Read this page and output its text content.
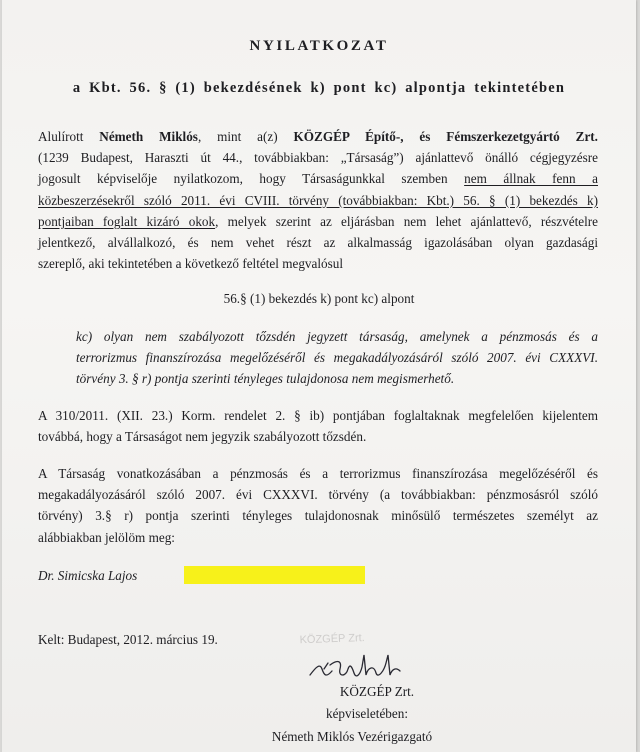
NYILATKOZAT
a Kbt. 56. § (1) bekezdésének k) pont kc) alpontja tekintetében
Alulírott Németh Miklós, mint a(z) KÖZGÉP Építő-, és Fémszerkezetgyártó Zrt.
(1239 Budapest, Haraszti út 44., továbbiakban: „Társaság”) ajánlattevő önálló cégjegyzésre
jogosult képviselője nyilatkozom, hogy Társaságunkkal szemben nem állnak fenn a
közbeszerzésekről szóló 2011. évi CVIII. törvény (továbbiakban: Kbt.) 56. § (1) bekezdés k)
pontjaiban foglalt kizáró okok, melyek szerint az eljárásban nem lehet ajánlattevő, részvételre
jelentkező, alvállalkozó, és nem vehet részt az alkalmasság igazolásában olyan gazdasági
szereplő, aki tekintetében a következő feltétel megvalósul
56.§ (1) bekezdés k) pont kc) alpont
kc) olyan nem szabályozott tőzsdén jegyzett társaság, amelynek a pénzmosás és a
terrorizmus finanszírozása megelőzéséről és megakadályozásáról szóló 2007. évi CXXXVI.
törvény 3. § r) pontja szerinti tényleges tulajdonosa nem megismerhető.
A 310/2011. (XII. 23.) Korm. rendelet 2. § ib) pontjában foglaltaknak megfelelően kijelentem
továbbá, hogy a Társaságot nem jegyzik szabályozott tőzsdén.
A Társaság vonatkozásában a pénzmosás és a terrorizmus finanszírozása megelőzéséről és
megakadályozásáról szóló 2007. évi CXXXVI. törvény (a továbbiakban: pénzmosásról szóló
törvény) 3.§ r) pontja szerinti tényleges tulajdonosnak minősülő természetes személyt az
alábbiakban jelölöm meg:
Dr. Simicska Lajos
Kelt: Budapest, 2012. március 19.	KÖZGÉP Zrt.
KÖZGÉP Zrt.
képviseletében:
Németh Miklós Vezérigazgató
